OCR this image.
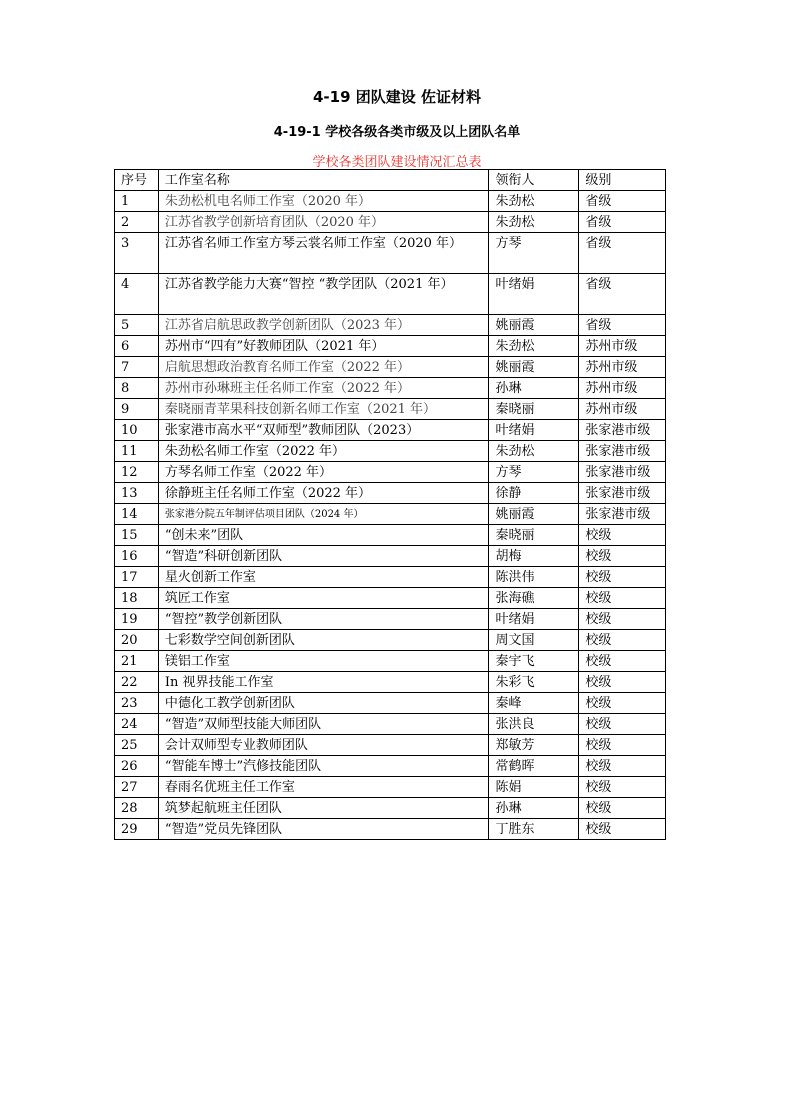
4-19 团队建设 佐证材料
4-19-1 学校各级各类市级及以上团队名单
学校各类团队建设情况汇总表
序号	工作室名称	领衔人	级别
1	朱劲松机电名师工作室（2020 年）	朱劲松	省级
2	江苏省教学创新培育团队（2020 年）	朱劲松	省级
3	江苏省名师工作室方琴云裳名师工作室（2020 年）	方琴	省级
4	江苏省教学能力大赛“智控 “教学团队（2021 年）	叶绪娟	省级
5	江苏省启航思政教学创新团队（2023 年）	姚丽霞	省级
6	苏州市“四有”好教师团队（2021 年）	朱劲松	苏州市级
7	启航思想政治教育名师工作室（2022 年）	姚丽霞	苏州市级
8	苏州市孙琳班主任名师工作室（2022 年）	孙琳	苏州市级
9	秦晓丽青苹果科技创新名师工作室（2021 年）	秦晓丽	苏州市级
10	张家港市高水平“双师型”教师团队（2023）	叶绪娟	张家港市级
11	朱劲松名师工作室（2022 年）	朱劲松	张家港市级
12	方琴名师工作室（2022 年）	方琴	张家港市级
13	徐静班主任名师工作室（2022 年）	徐静	张家港市级
14	张家港分院五年制评估项目团队（2024 年）	姚丽霞	张家港市级
15	“创未来”团队	秦晓丽	校级
16	“智造”科研创新团队	胡梅	校级
17	星火创新工作室	陈洪伟	校级
18	筑匠工作室	张海礁	校级
19	“智控”教学创新团队	叶绪娟	校级
20	七彩数学空间创新团队	周文国	校级
21	镁铝工作室	秦宇飞	校级
22	In 视界技能工作室	朱彩飞	校级
23	中德化工教学创新团队	秦峰	校级
24	“智造”双师型技能大师团队	张洪良	校级
25	会计双师型专业教师团队	郑敏芳	校级
26	“智能车博士”汽修技能团队	常鹤晖	校级
27	春雨名优班主任工作室	陈娟	校级
28	筑梦起航班主任团队	孙琳	校级
29	“智造”党员先锋团队	丁胜东	校级
